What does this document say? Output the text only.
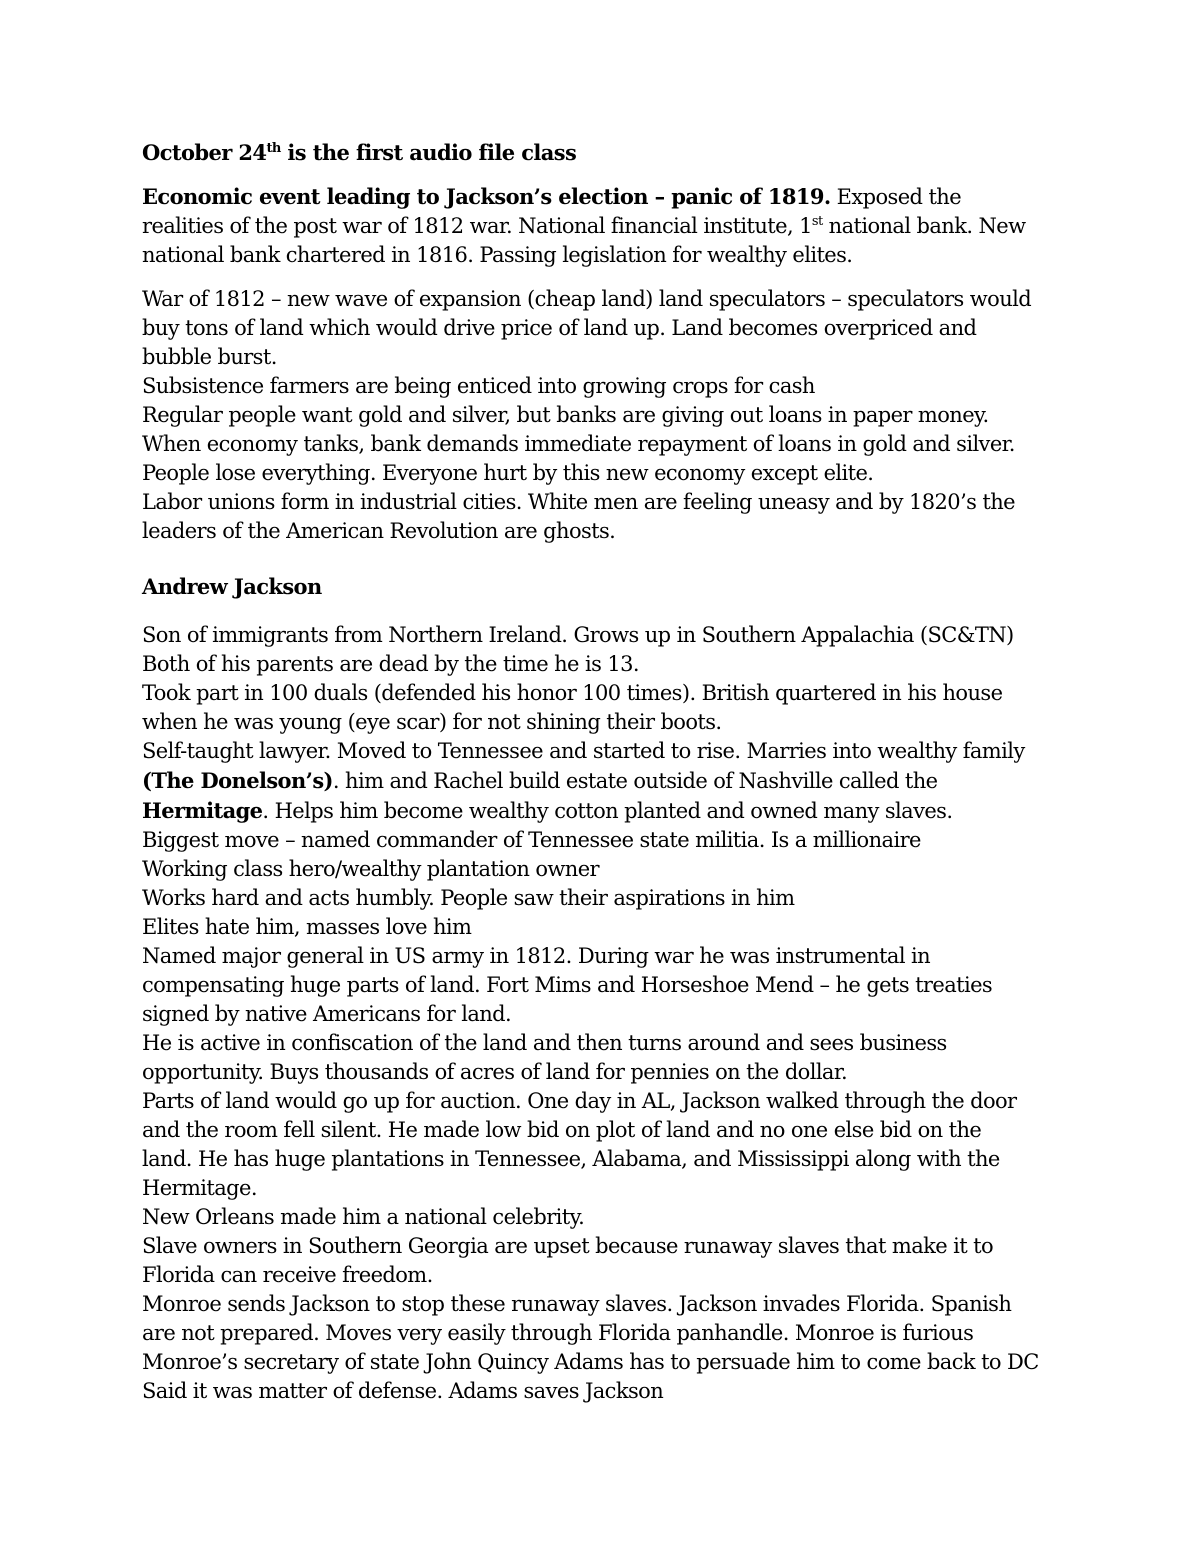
October 24th is the first audio file class

Economic event leading to Jackson’s election – panic of 1819. Exposed the

realities of the post war of 1812 war. National financial institute, 1st national bank. New

national bank chartered in 1816. Passing legislation for wealthy elites.

War of 1812 – new wave of expansion (cheap land) land speculators – speculators would

buy tons of land which would drive price of land up. Land becomes overpriced and

bubble burst.

Subsistence farmers are being enticed into growing crops for cash

Regular people want gold and silver, but banks are giving out loans in paper money.

When economy tanks, bank demands immediate repayment of loans in gold and silver.

People lose everything. Everyone hurt by this new economy except elite.

Labor unions form in industrial cities. White men are feeling uneasy and by 1820’s the

leaders of the American Revolution are ghosts.

Andrew Jackson

Son of immigrants from Northern Ireland. Grows up in Southern Appalachia (SC&TN)

Both of his parents are dead by the time he is 13.

Took part in 100 duals (defended his honor 100 times). British quartered in his house

when he was young (eye scar) for not shining their boots.

Self-taught lawyer. Moved to Tennessee and started to rise. Marries into wealthy family

(The Donelson’s). him and Rachel build estate outside of Nashville called the

Hermitage. Helps him become wealthy cotton planted and owned many slaves.

Biggest move – named commander of Tennessee state militia. Is a millionaire

Working class hero/wealthy plantation owner

Works hard and acts humbly. People saw their aspirations in him

Elites hate him, masses love him

Named major general in US army in 1812. During war he was instrumental in

compensating huge parts of land. Fort Mims and Horseshoe Mend – he gets treaties

signed by native Americans for land.

He is active in confiscation of the land and then turns around and sees business

opportunity. Buys thousands of acres of land for pennies on the dollar.

Parts of land would go up for auction. One day in AL, Jackson walked through the door

and the room fell silent. He made low bid on plot of land and no one else bid on the

land. He has huge plantations in Tennessee, Alabama, and Mississippi along with the

Hermitage.

New Orleans made him a national celebrity.

Slave owners in Southern Georgia are upset because runaway slaves that make it to

Florida can receive freedom.

Monroe sends Jackson to stop these runaway slaves. Jackson invades Florida. Spanish

are not prepared. Moves very easily through Florida panhandle. Monroe is furious

Monroe’s secretary of state John Quincy Adams has to persuade him to come back to DC

Said it was matter of defense. Adams saves Jackson
